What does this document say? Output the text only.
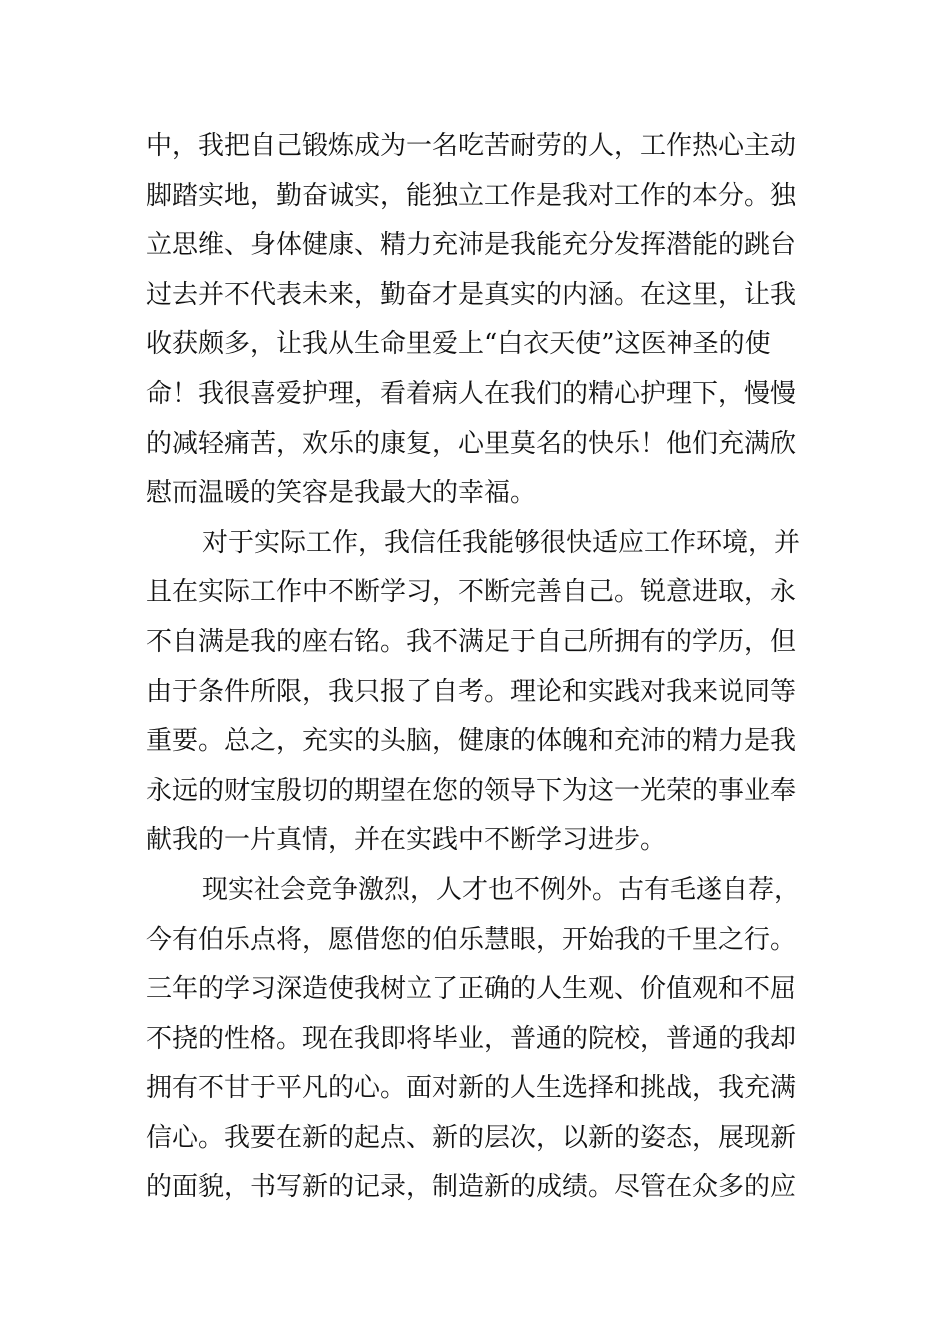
中，我把自己锻炼成为一名吃苦耐劳的人，工作热心主动
脚踏实地，勤奋诚实，能独立工作是我对工作的本分。独
立思维、身体健康、精力充沛是我能充分发挥潜能的跳台
过去并不代表未来，勤奋才是真实的内涵。在这里，让我
收获颇多，让我从生命里爱上“白衣天使”这医神圣的使
命！我很喜爱护理，看着病人在我们的精心护理下，慢慢
的减轻痛苦，欢乐的康复，心里莫名的快乐！他们充满欣
慰而温暖的笑容是我最大的幸福。
对于实际工作，我信任我能够很快适应工作环境，并
且在实际工作中不断学习，不断完善自己。锐意进取，永
不自满是我的座右铭。我不满足于自己所拥有的学历，但
由于条件所限，我只报了自考。理论和实践对我来说同等
重要。总之，充实的头脑，健康的体魄和充沛的精力是我
永远的财宝殷切的期望在您的领导下为这一光荣的事业奉
献我的一片真情，并在实践中不断学习进步。
现实社会竞争激烈，人才也不例外。古有毛遂自荐，
今有伯乐点将，愿借您的伯乐慧眼，开始我的千里之行。
三年的学习深造使我树立了正确的人生观、价值观和不屈
不挠的性格。现在我即将毕业，普通的院校，普通的我却
拥有不甘于平凡的心。面对新的人生选择和挑战，我充满
信心。我要在新的起点、新的层次，以新的姿态，展现新
的面貌，书写新的记录，制造新的成绩。尽管在众多的应
